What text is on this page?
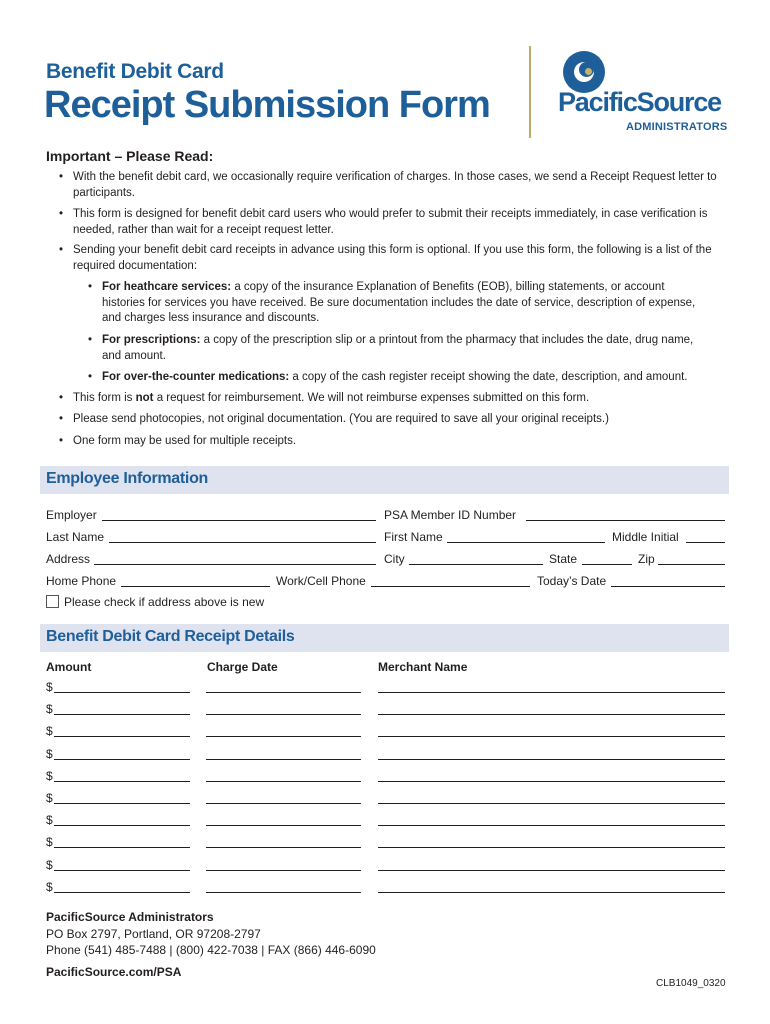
Benefit Debit Card
Receipt Submission Form	PacificSource
ADMINISTRATORS
Important – Please Read:
• With the benefit debit card, we occasionally require verification of charges. In those cases, we send a Receipt Request letter to participants.
• This form is designed for benefit debit card users who would prefer to submit their receipts immediately, in case verification is needed, rather than wait for a receipt request letter.
• Sending your benefit debit card receipts in advance using this form is optional. If you use this form, the following is a list of the required documentation:
• For heathcare services: a copy of the insurance Explanation of Benefits (EOB), billing statements, or account histories for services you have received. Be sure documentation includes the date of service, description of expense, and charges less insurance and discounts.
• For prescriptions: a copy of the prescription slip or a printout from the pharmacy that includes the date, drug name, and amount.
• For over-the-counter medications: a copy of the cash register receipt showing the date, description, and amount.
• This form is not a request for reimbursement. We will not reimburse expenses submitted on this form.
• Please send photocopies, not original documentation. (You are required to save all your original receipts.)
• One form may be used for multiple receipts.
Employee Information
Employer	PSA Member ID Number
Last Name	First Name	Middle Initial
Address	City	State	Zip
Home Phone	Work/Cell Phone	Today’s Date
Please check if address above is new
Benefit Debit Card Receipt Details
Amount	Charge Date	Merchant Name
$
$
$
$
$
$
$
$
$
$
PacificSource Administrators
PO Box 2797, Portland, OR 97208-2797
Phone (541) 485-7488 | (800) 422-7038 | FAX (866) 446-6090
PacificSource.com/PSA
CLB1049_0320
